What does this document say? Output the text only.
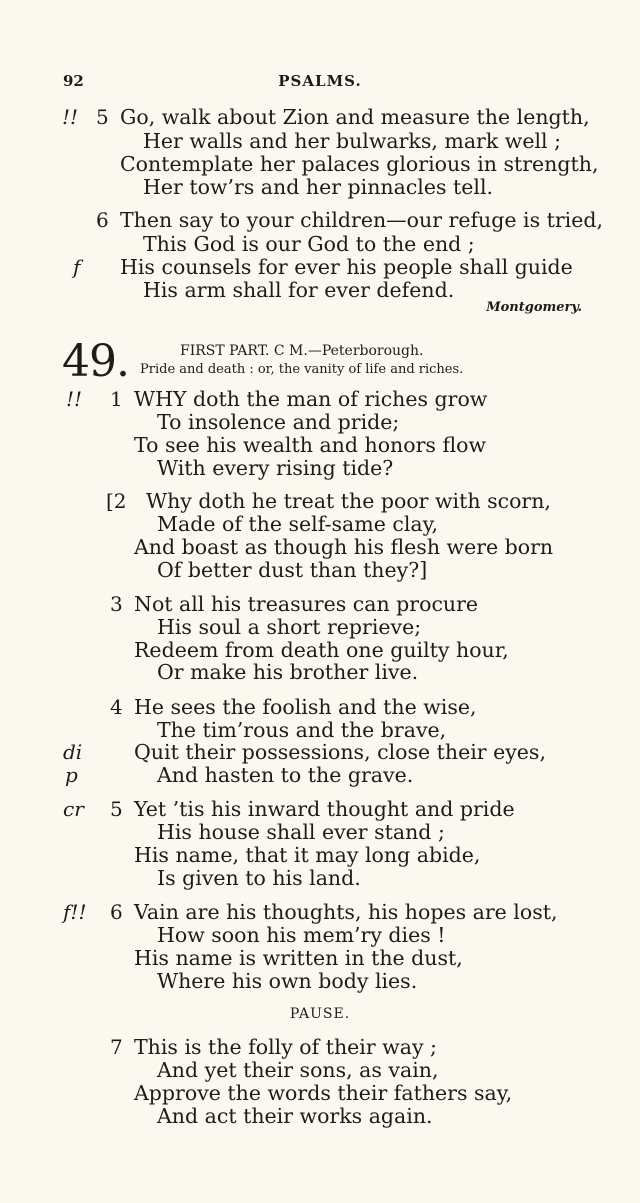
92	PSALMS.
!! 5 Go, walk about Zion and measure the length,
Her walls and her bulwarks, mark well ;
Contemplate her palaces glorious in strength,
Her tow’rs and her pinnacles tell.
6 Then say to your children—our refuge is tried,
This God is our God to the end ;
f His counsels for ever his people shall guide
His arm shall for ever defend.
Montgomery.
49.	FIRST PART. C M.—Peterborough.
Pride and death : or, the vanity of life and riches.
!! 1 WHY doth the man of riches grow
To insolence and pride;
To see his wealth and honors flow
With every rising tide?
[2 Why doth he treat the poor with scorn,
Made of the self-same clay,
And boast as though his flesh were born
Of better dust than they?]
3 Not all his treasures can procure
His soul a short reprieve;
Redeem from death one guilty hour,
Or make his brother live.
4 He sees the foolish and the wise,
The tim’rous and the brave,
di	Quit their possessions, close their eyes,
p	And hasten to the grave.
cr 5 Yet ’tis his inward thought and pride
His house shall ever stand ;
His name, that it may long abide,
Is given to his land.
f!! 6 Vain are his thoughts, his hopes are lost,
How soon his mem’ry dies !
His name is written in the dust,
Where his own body lies.
PAUSE.
7 This is the folly of their way ;
And yet their sons, as vain,
Approve the words their fathers say,
And act their works again.
